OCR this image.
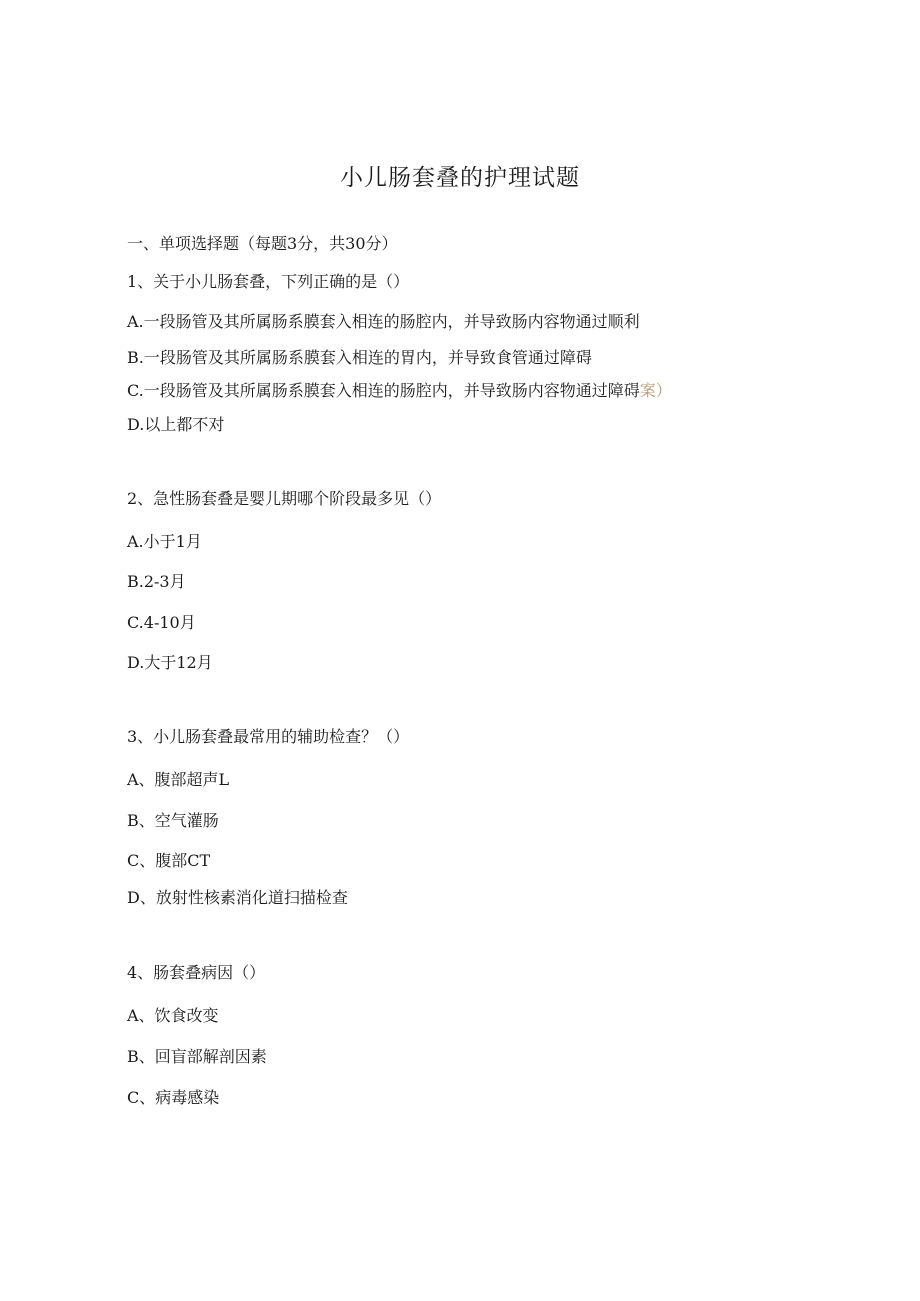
小儿肠套叠的护理试题
一、单项选择题（每题3分，共30分）
1、关于小儿肠套叠，下列正确的是（）
A.一段肠管及其所属肠系膜套入相连的肠腔内，并导致肠内容物通过顺利
B.一段肠管及其所属肠系膜套入相连的胃内，并导致食管通过障碍
C.一段肠管及其所属肠系膜套入相连的肠腔内，并导致肠内容物通过障碍案）
D.以上都不对
2、急性肠套叠是婴儿期哪个阶段最多见（）
A.小于1月
B.2-3月
C.4-10月
D.大于12月
3、小儿肠套叠最常用的辅助检查？（）
A、腹部超声L
B、空气灌肠
C、腹部CT
D、放射性核素消化道扫描检查
4、肠套叠病因（）
A、饮食改变
B、回盲部解剖因素
C、病毒感染
